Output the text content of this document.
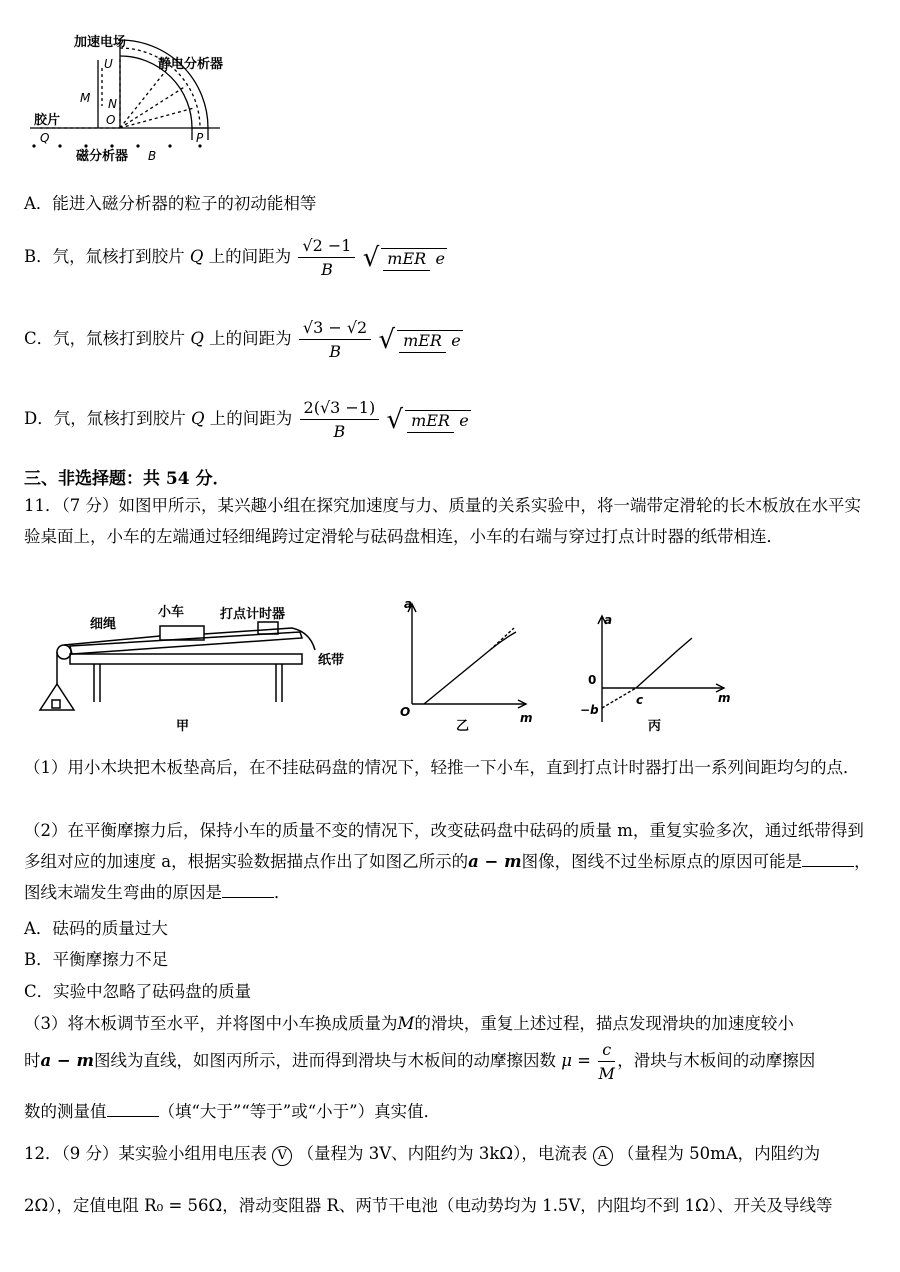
加速电场
静电分析器
U
M N
O
胶片
Q
磁分析器 B
P
A．能进入磁分析器的粒子的初动能相等
B．氕，氚核打到胶片 Q 上的间距为 $\frac{√2 -1}{B}$ √ mER e
C．氕，氚核打到胶片 Q 上的间距为 $\frac{√3 - √2}{B}$ √ mER e
D．氕，氚核打到胶片 Q 上的间距为 $\frac{2(√3 -1)}{B}$ √ mER e
三、非选择题：共 54 分．
11．（7 分）如图甲所示，某兴趣小组在探究加速度与力、质量的关系实验中，将一端带定滑轮的长木板放在水平实验桌面上，小车的左端通过轻细绳跨过定滑轮与砝码盘相连，小车的右端与穿过打点计时器的纸带相连．
细绳
小车	打点计时器
纸带
甲
a
m
O
乙
a
m
0
−b
c
丙
（1）用小木块把木板垫高后，在不挂砝码盘的情况下，轻推一下小车，直到打点计时器打出一系列间距均匀的点．
（2）在平衡摩擦力后，保持小车的质量不变的情况下，改变砝码盘中砝码的质量 m，重复实验多次，通过纸带得到多组对应的加速度 a，根据实验数据描点作出了如图乙所示的a − m图像，图线不过坐标原点的原因可能是	，图线末端发生弯曲的原因是	．
A．砝码的质量过大
B．平衡摩擦力不足
C．实验中忽略了砝码盘的质量
（3）将木板调节至水平，并将图中小车换成质量为M的滑块，重复上述过程，描点发现滑块的加速度较小
时a − m图线为直线，如图丙所示，进而得到滑块与木板间的动摩擦因数 $\mu = \frac{c}{M}$ ，滑块与木板间的动摩擦因
数的测量值	（填“大于”“等于”或“小于”）真实值．
12．（9 分）某实验小组用电压表 V （量程为 3V、内阻约为 3kΩ），电流表 A （量程为 50mA，内阻约为
2Ω），定值电阻 R₀ = 56Ω，滑动变阻器 R、两节干电池（电动势均为 1.5V，内阻均不到 1Ω）、开关及导线等
